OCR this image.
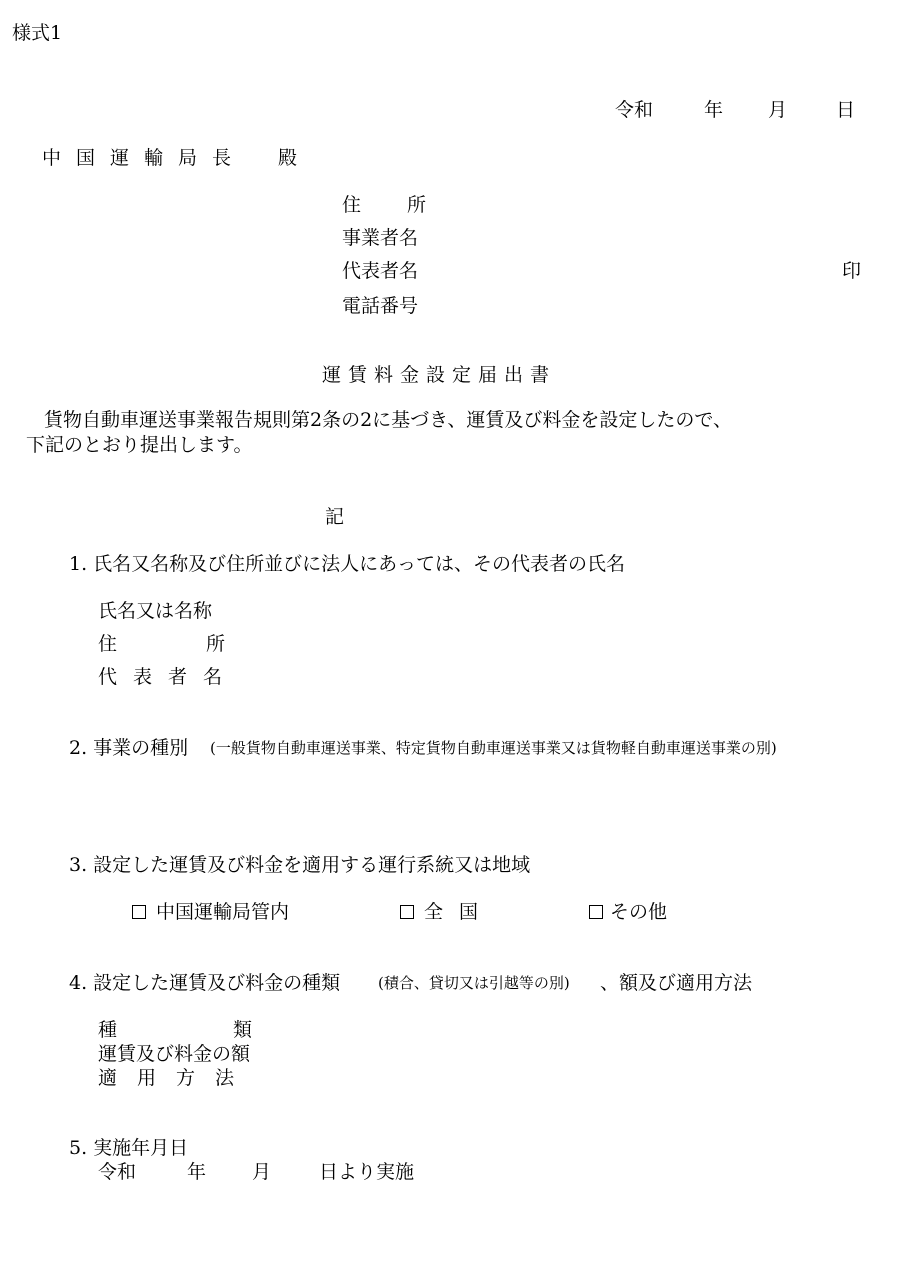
様式1
令和	年 月	日
中国運輸局長 殿
住所
事業者名
代表者名	印
電話番号
運賃料金設定届出書
貨物自動車運送事業報告規則第2条の2に基づき、運賃及び料金を設定したので、
下記のとおり提出します。
記
1. 氏名又名称及び住所並びに法人にあっては、その代表者の氏名
氏名又は名称
住所
代表者名
2. 事業の種別 (一般貨物自動車運送事業、特定貨物自動車運送事業又は貨物軽自動車運送事業の別)
3. 設定した運賃及び料金を適用する運行系統又は地域
中国運輸局管内	全国	その他
4. 設定した運賃及び料金の種類	(積合、貸切又は引越等の別) 、額及び適用方法
種類
運賃及び料金の額
適用方法
5. 実施年月日
令和	年 月	日より実施
